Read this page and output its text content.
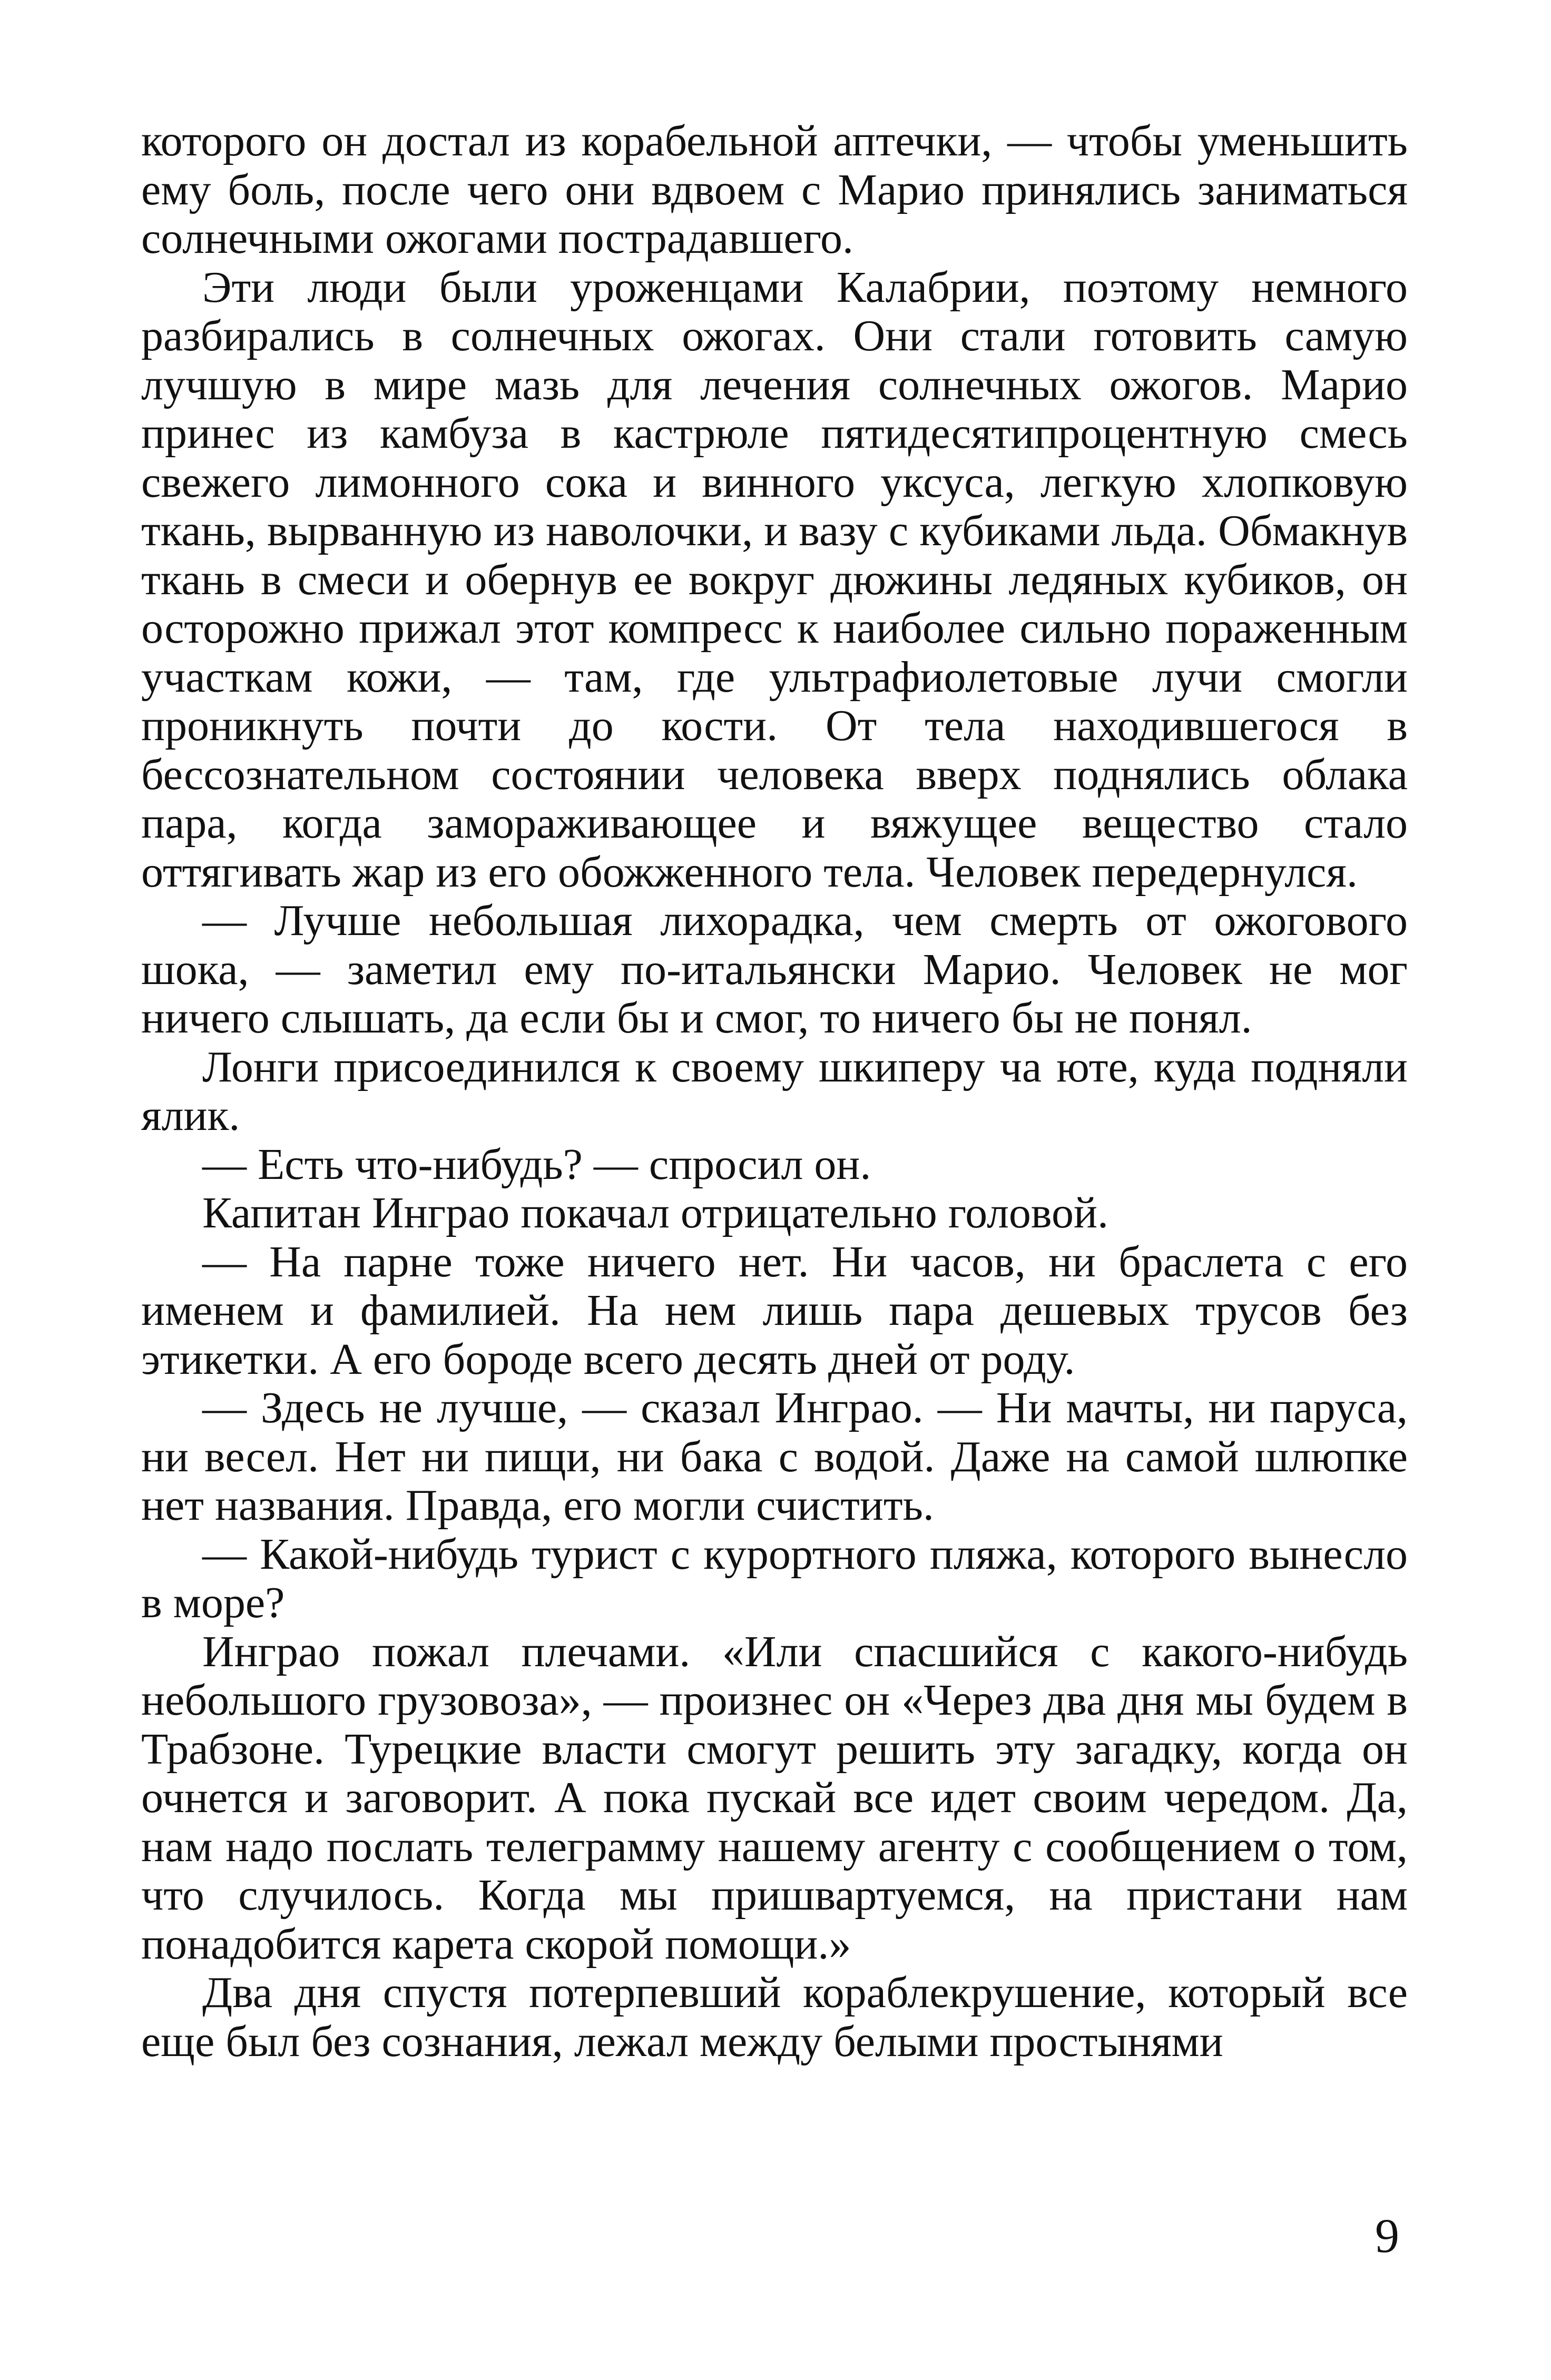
которого он достал из корабельной аптечки, — чтобы уменьшить ему боль, после чего они вдвоем с Марио принялись заниматься солнечными ожогами пострадавшего.

Эти люди были уроженцами Калабрии, поэтому немного разбирались в солнечных ожогах. Они стали готовить самую лучшую в мире мазь для лечения солнечных ожогов. Марио принес из камбуза в кастрюле пятидесятипроцентную смесь свежего лимонного сока и винного уксуса, легкую хлопковую ткань, вырванную из наволочки, и вазу с кубиками льда. Обмакнув ткань в смеси и обернув ее вокруг дюжины ледяных кубиков, он осторожно прижал этот компресс к наиболее сильно пораженным участкам кожи, — там, где ультрафиолетовые лучи смогли проникнуть почти до кости. От тела находившегося в бессознательном состоянии человека вверх поднялись облака пара, когда замораживающее и вяжущее вещество стало оттягивать жар из его обожженного тела. Человек передернулся.

— Лучше небольшая лихорадка, чем смерть от ожогового шока, — заметил ему по-итальянски Марио. Человек не мог ничего слышать, да если бы и смог, то ничего бы не понял.

Лонги присоединился к своему шкиперу ча юте, куда подняли ялик.

— Есть что-нибудь? — спросил он.

Капитан Инграо покачал отрицательно головой.

— На парне тоже ничего нет. Ни часов, ни браслета с его именем и фамилией. На нем лишь пара дешевых трусов без этикетки. А его бороде всего десять дней от роду.

— Здесь не лучше, — сказал Инграо. — Ни мачты, ни паруса, ни весел. Нет ни пищи, ни бака с водой. Даже на самой шлюпке нет названия. Правда, его могли счистить.

— Какой-нибудь турист с курортного пляжа, которого вынесло в море?

Инграо пожал плечами. «Или спасшийся с какого-нибудь небольшого грузовоза», — произнес он «Через два дня мы будем в Трабзоне. Турецкие власти смогут решить эту загадку, когда он очнется и заговорит. А пока пускай все идет своим чередом. Да, нам надо послать телеграмму нашему агенту с сообщением о том, что случилось. Когда мы пришвартуемся, на пристани нам понадобится карета скорой помощи.»

Два дня спустя потерпевший кораблекрушение, который все еще был без сознания, лежал между белыми простынями

9
